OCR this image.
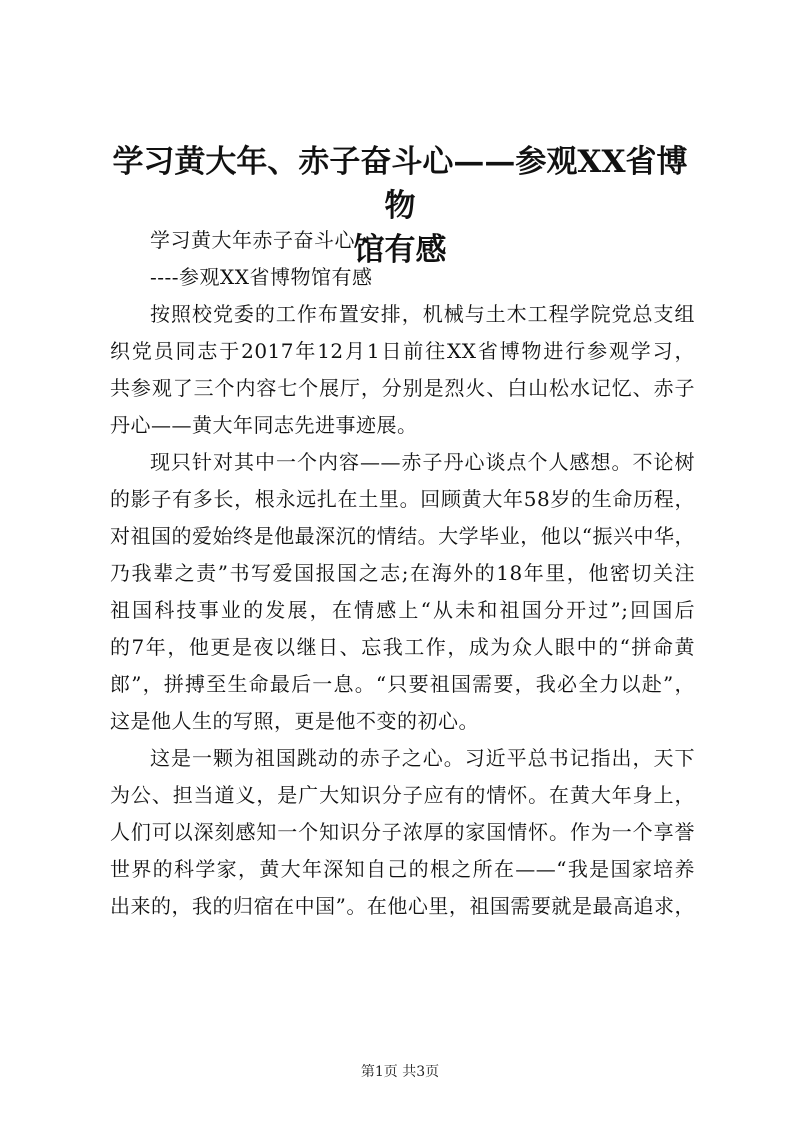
学习黄大年、赤子奋斗心——参观XX省博物
馆有感
学习黄大年赤子奋斗心
----参观XX省博物馆有感
按照校党委的工作布置安排，机械与土木工程学院党总支组
织党员同志于2017年12月1日前往XX省博物进行参观学习，
共参观了三个内容七个展厅，分别是烈火、白山松水记忆、赤子
丹心——黄大年同志先进事迹展。
现只针对其中一个内容——赤子丹心谈点个人感想。不论树
的影子有多长，根永远扎在土里。回顾黄大年58岁的生命历程，
对祖国的爱始终是他最深沉的情结。大学毕业，他以“振兴中华，
乃我辈之责”书写爱国报国之志;在海外的18年里，他密切关注
祖国科技事业的发展，在情感上“从未和祖国分开过”;回国后
的7年，他更是夜以继日、忘我工作，成为众人眼中的“拼命黄
郎”，拼搏至生命最后一息。“只要祖国需要，我必全力以赴”，
这是他人生的写照，更是他不变的初心。
这是一颗为祖国跳动的赤子之心。习近平总书记指出，天下
为公、担当道义，是广大知识分子应有的情怀。在黄大年身上，
人们可以深刻感知一个知识分子浓厚的家国情怀。作为一个享誉
世界的科学家，黄大年深知自己的根之所在——“我是国家培养
出来的，我的归宿在中国”。在他心里，祖国需要就是最高追求，
第1页 共3页
